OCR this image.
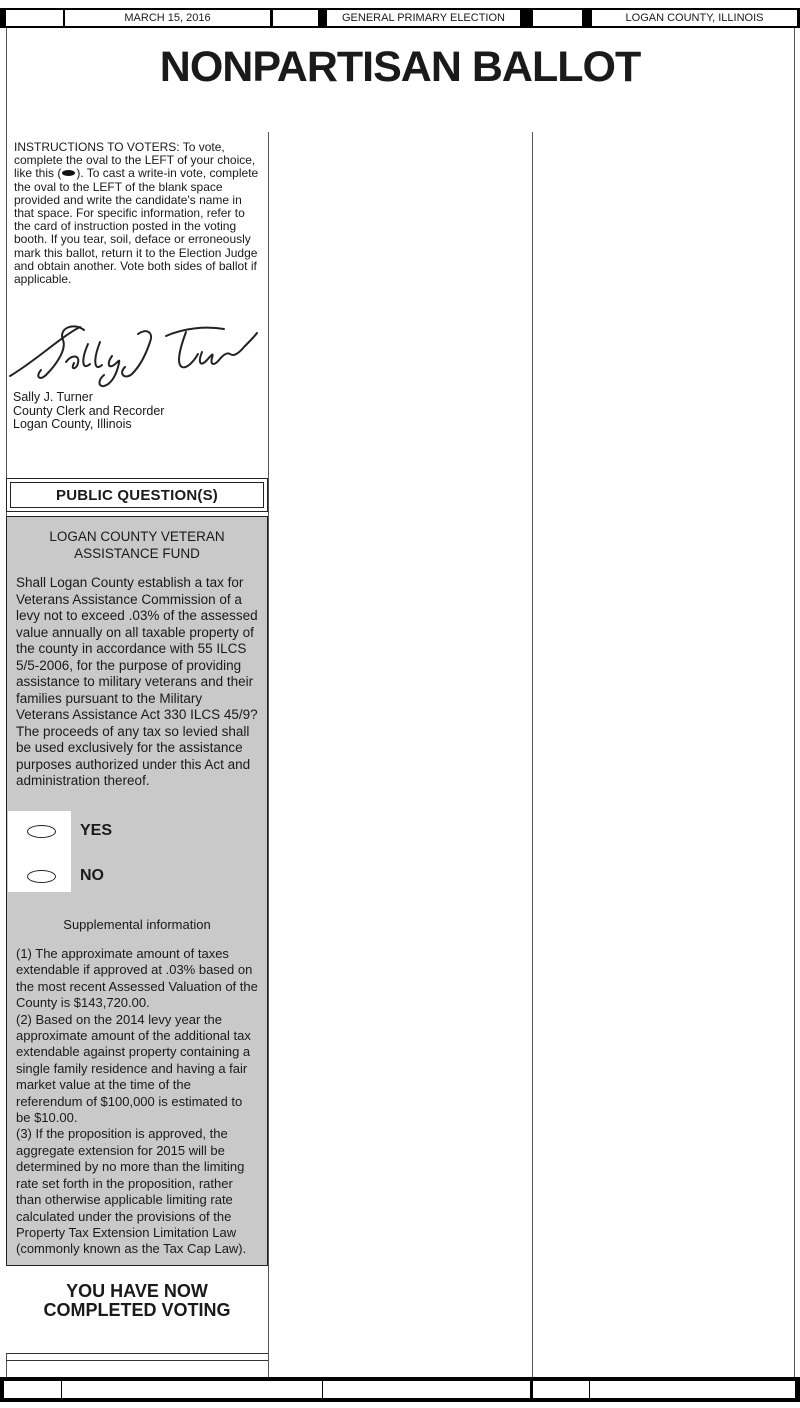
MARCH 15, 2016	GENERAL PRIMARY ELECTION	LOGAN COUNTY, ILLINOIS
NONPARTISAN BALLOT
INSTRUCTIONS TO VOTERS: To vote, complete the oval to the LEFT of your choice, like this ( ). To cast a write-in vote, complete the oval to the LEFT of the blank space provided and write the candidate's name in that space. For specific information, refer to the card of instruction posted in the voting booth. If you tear, soil, deface or erroneously mark this ballot, return it to the Election Judge and obtain another. Vote both sides of ballot if applicable.
Sally J. Turner
County Clerk and Recorder
Logan County, Illinois
PUBLIC QUESTION(S)
LOGAN COUNTY VETERAN
ASSISTANCE FUND
Shall Logan County establish a tax for Veterans Assistance Commission of a levy not to exceed .03% of the assessed value annually on all taxable property of the county in accordance with 55 ILCS 5/5-2006, for the purpose of providing assistance to military veterans and their families pursuant to the Military Veterans Assistance Act 330 ILCS 45/9? The proceeds of any tax so levied shall be used exclusively for the assistance purposes authorized under this Act and administration thereof.
YES
NO
Supplemental information

(1) The approximate amount of taxes extendable if approved at .03% based on the most recent Assessed Valuation of the County is $143,720.00.

(2) Based on the 2014 levy year the approximate amount of the additional tax extendable against property containing a single family residence and having a fair market value at the time of the referendum of $100,000 is estimated to be $10.00.

(3) If the proposition is approved, the aggregate extension for 2015 will be determined by no more than the limiting rate set forth in the proposition, rather than otherwise applicable limiting rate calculated under the provisions of the Property Tax Extension Limitation Law (commonly known as the Tax Cap Law).

YOU HAVE NOW
COMPLETED VOTING
